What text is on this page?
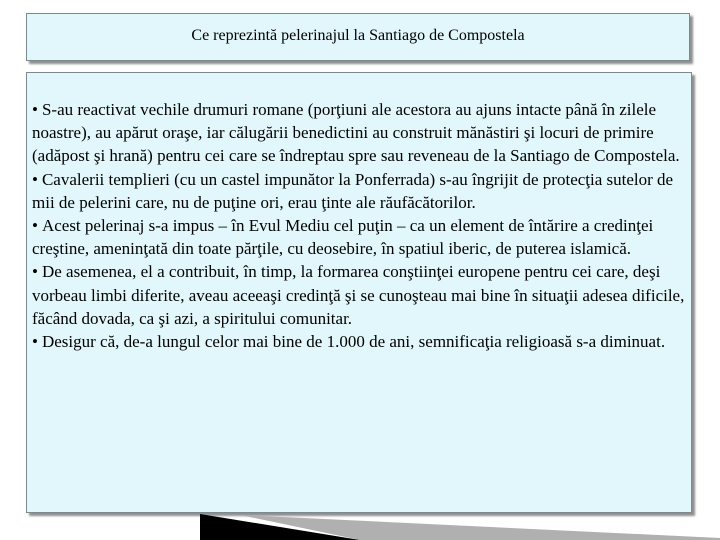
Ce reprezintă pelerinajul la Santiago de Compostela

• S-au reactivat vechile drumuri romane (porţiuni ale acestora au ajuns intacte până în zilele noastre), au apărut oraşe, iar călugării benedictini au construit mănăstiri şi locuri de primire (adăpost şi hrană) pentru cei care se îndreptau spre sau reveneau de la Santiago de Compostela.

• Cavalerii templieri (cu un castel impunător la Ponferrada) s-au îngrijit de protecţia sutelor de mii de pelerini care, nu de puţine ori, erau ţinte ale răufăcătorilor.

• Acest pelerinaj s-a impus – în Evul Mediu cel puţin – ca un element de întărire a credinţei creştine, ameninţată din toate părţile, cu deosebire, în spatiul iberic, de puterea islamică.

• De asemenea, el a contribuit, în timp, la formarea conştiinţei europene pentru cei care, deşi vorbeau limbi diferite, aveau aceeaşi credinţă şi se cunoşteau mai bine în situaţii adesea dificile, făcând dovada, ca şi azi, a spiritului comunitar.

• Desigur că, de-a lungul celor mai bine de 1.000 de ani, semnificaţia religioasă s-a diminuat.
